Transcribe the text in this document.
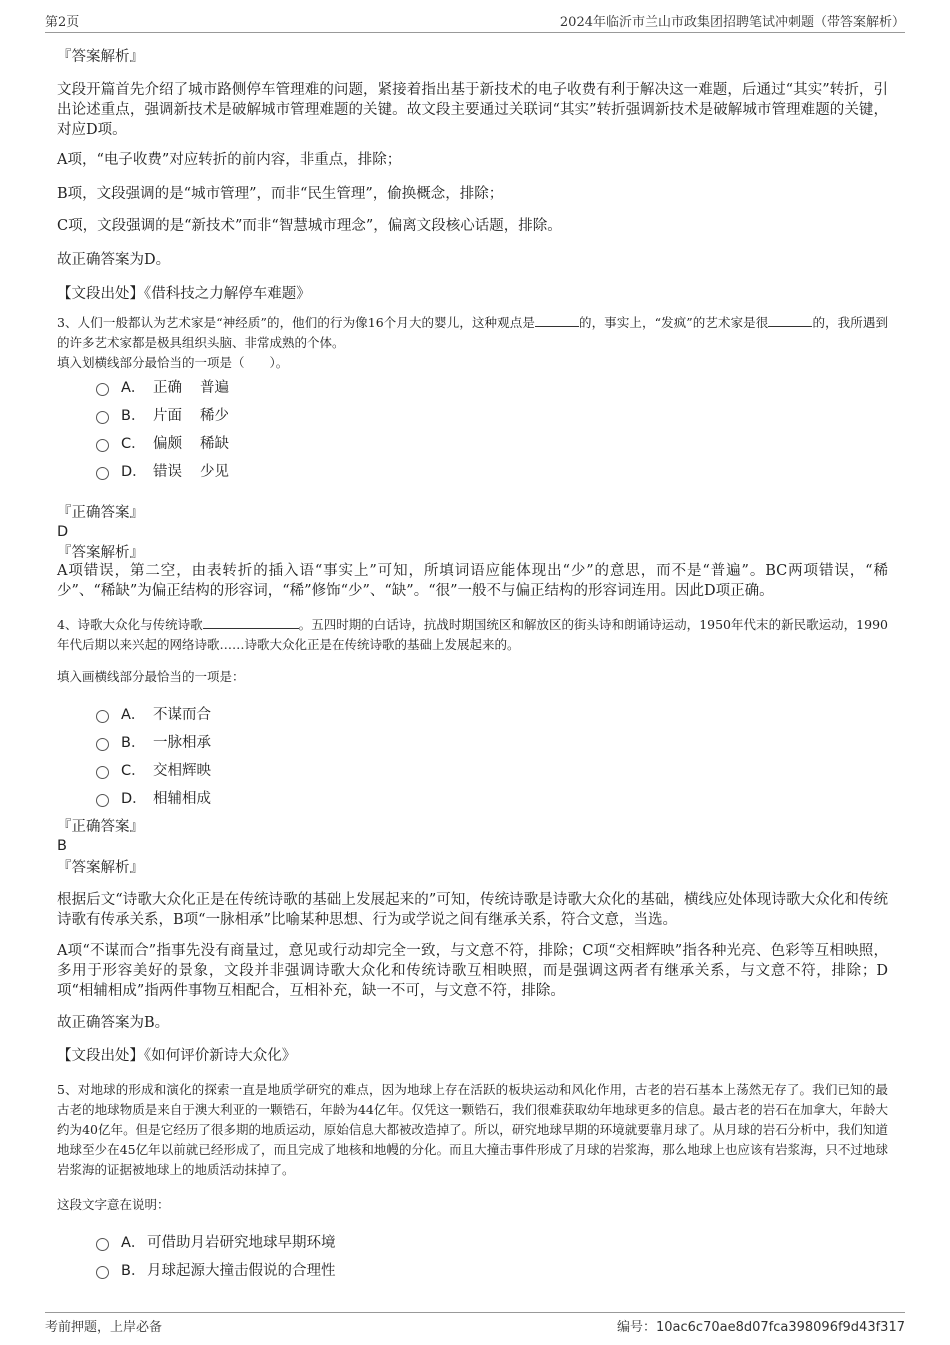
第2页	2024年临沂市兰山市政集团招聘笔试冲刺题（带答案解析）
『答案解析』

文段开篇首先介绍了城市路侧停车管理难的问题，紧接着指出基于新技术的电子收费有利于解决这一难题，后通过“其实”转折，引出论述重点，强调新技术是破解城市管理难题的关键。故文段主要通过关联词“其实”转折强调新技术是破解城市管理难题的关键，对应D项。

A项，“电子收费”对应转折的前内容，非重点，排除；

B项，文段强调的是“城市管理”，而非“民生管理”，偷换概念，排除；

C项，文段强调的是“新技术”而非“智慧城市理念”，偏离文段核心话题，排除。

故正确答案为D。

【文段出处】《借科技之力解停车难题》

3、人们一般都认为艺术家是“神经质”的，他们的行为像16个月大的婴儿，这种观点是	的，事实上，“发疯”的艺术家是很	的，我所遇到的许多艺术家都是极具组织头脑、非常成熟的个体。

填入划横线部分最恰当的一项是（　　）。

A． 正确 普遍
B． 片面 稀少
C． 偏颇 稀缺
D． 错误 少见
『正确答案』
D
『答案解析』

A项错误，第二空，由表转折的插入语“事实上”可知，所填词语应能体现出“少”的意思，而不是“普遍”。BC两项错误，“稀少”、“稀缺”为偏正结构的形容词，“稀”修饰“少”、“缺”。“很”一般不与偏正结构的形容词连用。因此D项正确。

4、诗歌大众化与传统诗歌	。五四时期的白话诗，抗战时期国统区和解放区的街头诗和朗诵诗运动，1950年代末的新民歌运动，1990年代后期以来兴起的网络诗歌……诗歌大众化正是在传统诗歌的基础上发展起来的。

填入画横线部分最恰当的一项是：

A． 不谋而合
B． 一脉相承
C． 交相辉映
D． 相辅相成
『正确答案』
B
『答案解析』

根据后文“诗歌大众化正是在传统诗歌的基础上发展起来的”可知，传统诗歌是诗歌大众化的基础，横线应处体现诗歌大众化和传统诗歌有传承关系，B项“一脉相承”比喻某种思想、行为或学说之间有继承关系，符合文意，当选。

A项“不谋而合”指事先没有商量过，意见或行动却完全一致，与文意不符，排除；C项“交相辉映”指各种光亮、色彩等互相映照，多用于形容美好的景象，文段并非强调诗歌大众化和传统诗歌互相映照，而是强调这两者有继承关系，与文意不符，排除；D项“相辅相成”指两件事物互相配合，互相补充，缺一不可，与文意不符，排除。

故正确答案为B。

【文段出处】《如何评价新诗大众化》

5、对地球的形成和演化的探索一直是地质学研究的难点，因为地球上存在活跃的板块运动和风化作用，古老的岩石基本上荡然无存了。我们已知的最古老的地球物质是来自于澳大利亚的一颗锆石，年龄为44亿年。仅凭这一颗锆石，我们很难获取幼年地球更多的信息。最古老的岩石在加拿大，年龄大约为40亿年。但是它经历了很多期的地质运动，原始信息大都被改造掉了。所以，研究地球早期的环境就要靠月球了。从月球的岩石分析中，我们知道地球至少在45亿年以前就已经形成了，而且完成了地核和地幔的分化。而且大撞击事件形成了月球的岩浆海，那么地球上也应该有岩浆海，只不过地球岩浆海的证据被地球上的地质活动抹掉了。

这段文字意在说明：

A． 可借助月岩研究地球早期环境
B． 月球起源大撞击假说的合理性
考前押题，上岸必备	编号：10ac6c70ae8d07fca398096f9d43f317
